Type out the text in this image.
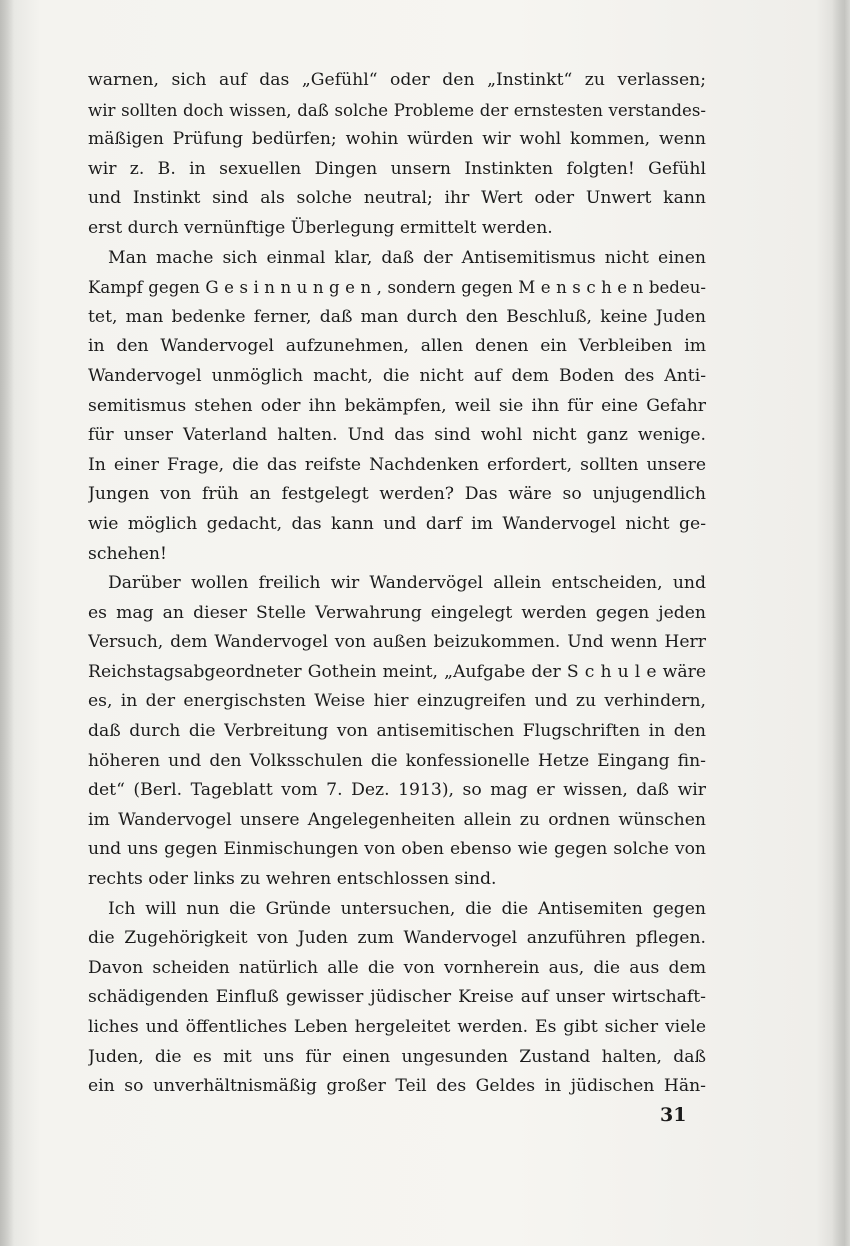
warnen, sich auf das „Gefühl“ oder den „Instinkt“ zu verlassen;
wir sollten doch wissen, daß solche Probleme der ernstesten verstandes-
mäßigen Prüfung bedürfen; wohin würden wir wohl kommen, wenn
wir z. B. in sexuellen Dingen unsern Instinkten folgten! Gefühl
und Instinkt sind als solche neutral; ihr Wert oder Unwert kann
erst durch vernünftige Überlegung ermittelt werden.
Man mache sich einmal klar, daß der Antisemitismus nicht einen
Kampf gegen G e s i n n u n g e n , sondern gegen M e n s c h e n bedeu-
tet, man bedenke ferner, daß man durch den Beschluß, keine Juden
in den Wandervogel aufzunehmen, allen denen ein Verbleiben im
Wandervogel unmöglich macht, die nicht auf dem Boden des Anti-
semitismus stehen oder ihn bekämpfen, weil sie ihn für eine Gefahr
für unser Vaterland halten. Und das sind wohl nicht ganz wenige.
In einer Frage, die das reifste Nachdenken erfordert, sollten unsere
Jungen von früh an festgelegt werden? Das wäre so unjugendlich
wie möglich gedacht, das kann und darf im Wandervogel nicht ge-
schehen!
Darüber wollen freilich wir Wandervögel allein entscheiden, und
es mag an dieser Stelle Verwahrung eingelegt werden gegen jeden
Versuch, dem Wandervogel von außen beizukommen. Und wenn Herr
Reichstagsabgeordneter Gothein meint, „Aufgabe der S c h u l e wäre
es, in der energischsten Weise hier einzugreifen und zu verhindern,
daß durch die Verbreitung von antisemitischen Flugschriften in den
höheren und den Volksschulen die konfessionelle Hetze Eingang fin-
det“ (Berl. Tageblatt vom 7. Dez. 1913), so mag er wissen, daß wir
im Wandervogel unsere Angelegenheiten allein zu ordnen wünschen
und uns gegen Einmischungen von oben ebenso wie gegen solche von
rechts oder links zu wehren entschlossen sind.
Ich will nun die Gründe untersuchen, die die Antisemiten gegen
die Zugehörigkeit von Juden zum Wandervogel anzuführen pflegen.
Davon scheiden natürlich alle die von vornherein aus, die aus dem
schädigenden Einfluß gewisser jüdischer Kreise auf unser wirtschaft-
liches und öffentliches Leben hergeleitet werden. Es gibt sicher viele
Juden, die es mit uns für einen ungesunden Zustand halten, daß
ein so unverhältnismäßig großer Teil des Geldes in jüdischen Hän-
31
